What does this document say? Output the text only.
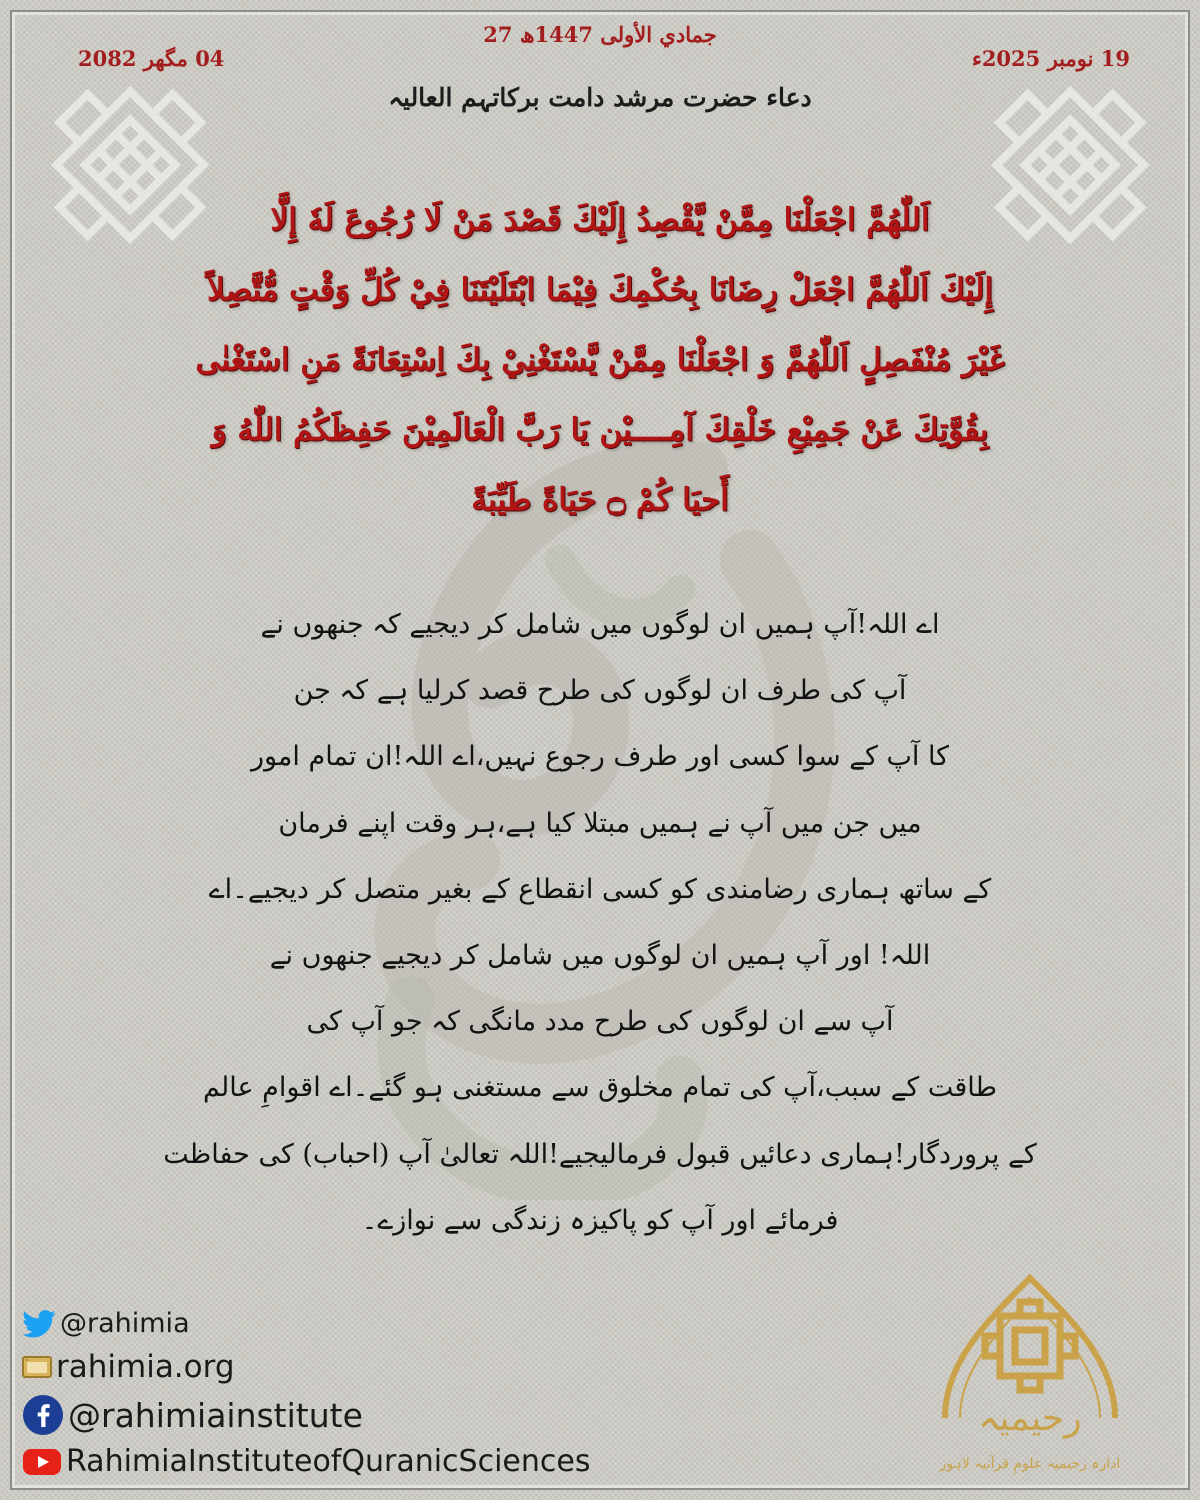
27 جمادي الأولى 1447ھ
19 نومبر 2025ء
04 مگھر 2082
دعاء حضرت مرشد دامت برکاتہم العالیہ
اَللّٰهُمَّ اجْعَلْنَا مِمَّنْ يَّقْصِدُ إِلَيْكَ قَصْدَ مَنْ لَا رُجُوعَ لَهٗ إِلَّا
إِلَيْكَ اَللّٰهُمَّ اجْعَلْ رِضَانَا بِحُكْمِكَ فِيْمَا ابْتَلَيْتَنَا فِيْ كُلِّ وَقْتٍ مُّتَّصِلاً
غَيْرَ مُنْفَصِلٍ اَللّٰهُمَّ وَ اجْعَلْنَا مِمَّنْ يَّسْتَغْنِيْ بِكَ اِسْتِعَانَةً مَنِ اسْتَغْنٰی
بِقُوَّتِكَ عَنْ جَمِيْعِ خَلْقِكَ آمِــــيْن يَا رَبَّ الْعَالَمِيْنَ حَفِظَكُمُ اللّٰهُ وَ
أَحيَا كُمْ ۝ حَيَاةً طَيِّبَةً
اے اللہ!آپ ہمیں ان لوگوں میں شامل کر دیجیے کہ جنھوں نے
آپ کی طرف ان لوگوں کی طرح قصد کرلیا ہے کہ جن
کا آپ کے سوا کسی اور طرف رجوع نہیں،اے اللہ!ان تمام امور
میں جن میں آپ نے ہمیں مبتلا کیا ہے،ہر وقت اپنے فرمان
کے ساتھ ہماری رضامندی کو کسی انقطاع کے بغیر متصل کر دیجیے۔اے
اللہ! اور آپ ہمیں ان لوگوں میں شامل کر دیجیے جنھوں نے
آپ سے ان لوگوں کی طرح مدد مانگی کہ جو آپ کی
طاقت کے سبب،آپ کی تمام مخلوق سے مستغنی ہو گئے۔اے اقوامِ عالم
کے پروردگار!ہماری دعائیں قبول فرمالیجیے!اللہ تعالیٰ آپ (احباب) کی حفاظت
فرمائے اور آپ کو پاکیزہ زندگی سے نوازے۔
@rahimia
rahimia.org
@rahimiainstitute
RahimiaInstituteofQuranicSciences
رحیمیہ
ادارہ رحیمیہ علومِ قرآنیہ لاہور
